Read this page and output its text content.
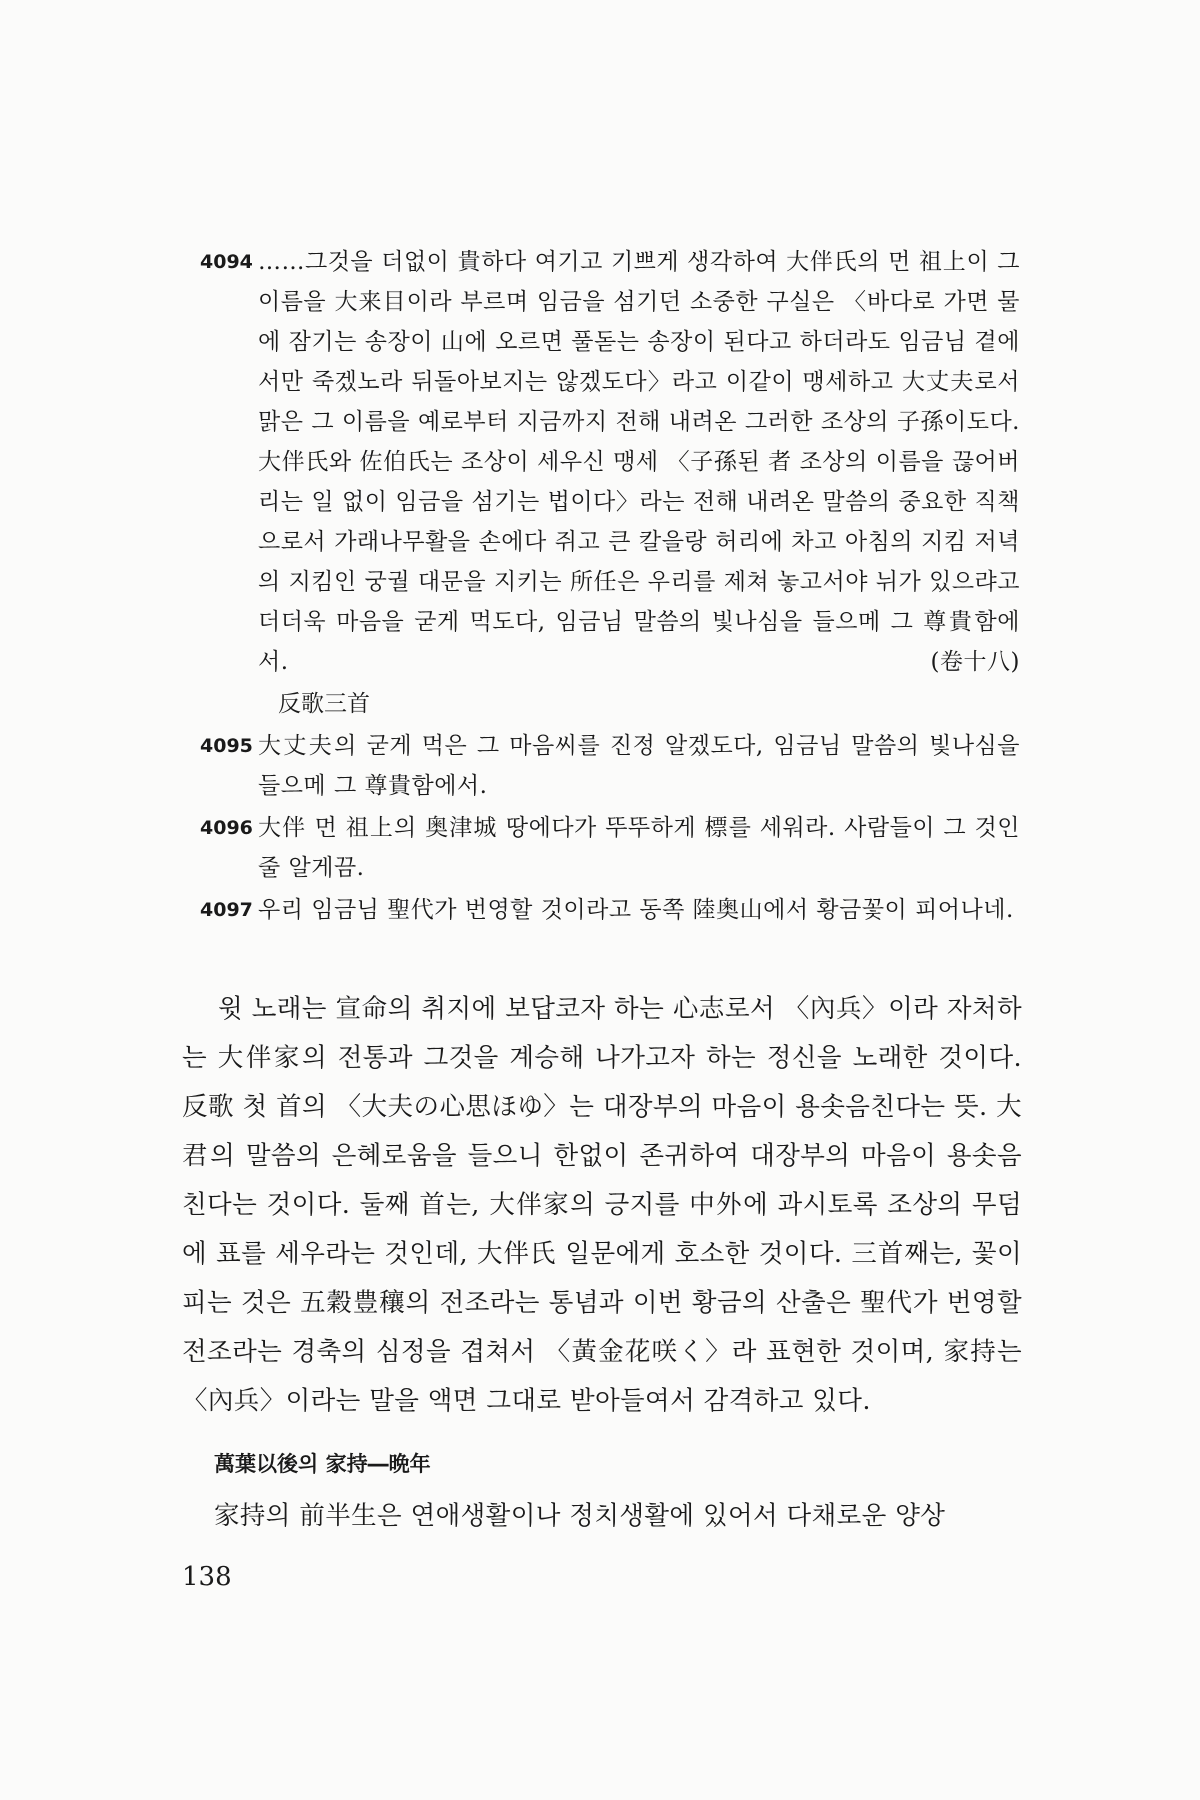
4094 ……그것을 더없이 貴하다 여기고 기쁘게 생각하여 大伴氏의 먼 祖上이 그 이름을 大来目이라 부르며 임금을 섬기던 소중한 구실은 〈바다로 가면 물에 잠기는 송장이 山에 오르면 풀돋는 송장이 된다고 하더라도 임금님 곁에서만 죽겠노라 뒤돌아보지는 않겠도다〉라고 이같이 맹세하고 大丈夫로서 맑은 그 이름을 예로부터 지금까지 전해 내려온 그러한 조상의 子孫이도다. 大伴氏와 佐伯氏는 조상이 세우신 맹세 〈子孫된 者 조상의 이름을 끊어버리는 일 없이 임금을 섬기는 법이다〉라는 전해 내려온 말씀의 중요한 직책으로서 가래나무활을 손에다 쥐고 큰 칼을랑 허리에 차고 아침의 지킴 저녁의 지킴인 궁궐 대문을 지키는 所任은 우리를 제쳐 놓고서야 뉘가 있으랴고 더더욱 마음을 굳게 먹도다, 임금님 말씀의 빛나심을 들으메 그 尊貴함에서.	(卷十八)
反歌三首
4095 大丈夫의 굳게 먹은 그 마음씨를 진정 알겠도다, 임금님 말씀의 빛나심을 들으메 그 尊貴함에서.
4096 大伴 먼 祖上의 奥津城 땅에다가 뚜뚜하게 標를 세워라. 사람들이 그 것인 줄 알게끔.
4097 우리 임금님 聖代가 번영할 것이라고 동쪽 陸奥山에서 황금꽃이 피어나네.

윗 노래는 宣命의 취지에 보답코자 하는 心志로서 〈內兵〉이라 자처하는 大伴家의 전통과 그것을 계승해 나가고자 하는 정신을 노래한 것이다. 反歌 첫 首의 〈大夫の心思ほゆ〉는 대장부의 마음이 용솟음친다는 뜻. 大君의 말씀의 은혜로움을 들으니 한없이 존귀하여 대장부의 마음이 용솟음친다는 것이다. 둘째 首는, 大伴家의 긍지를 中外에 과시토록 조상의 무덤에 표를 세우라는 것인데, 大伴氏 일문에게 호소한 것이다. 三首째는, 꽃이 피는 것은 五穀豊穰의 전조라는 통념과 이번 황금의 산출은 聖代가 번영할 전조라는 경축의 심정을 겹쳐서 〈黃金花咲く〉라 표현한 것이며, 家持는 〈內兵〉이라는 말을 액면 그대로 받아들여서 감격하고 있다.

萬葉以後의 家持―晩年

家持의 前半生은 연애생활이나 정치생활에 있어서 다채로운 양상

138
